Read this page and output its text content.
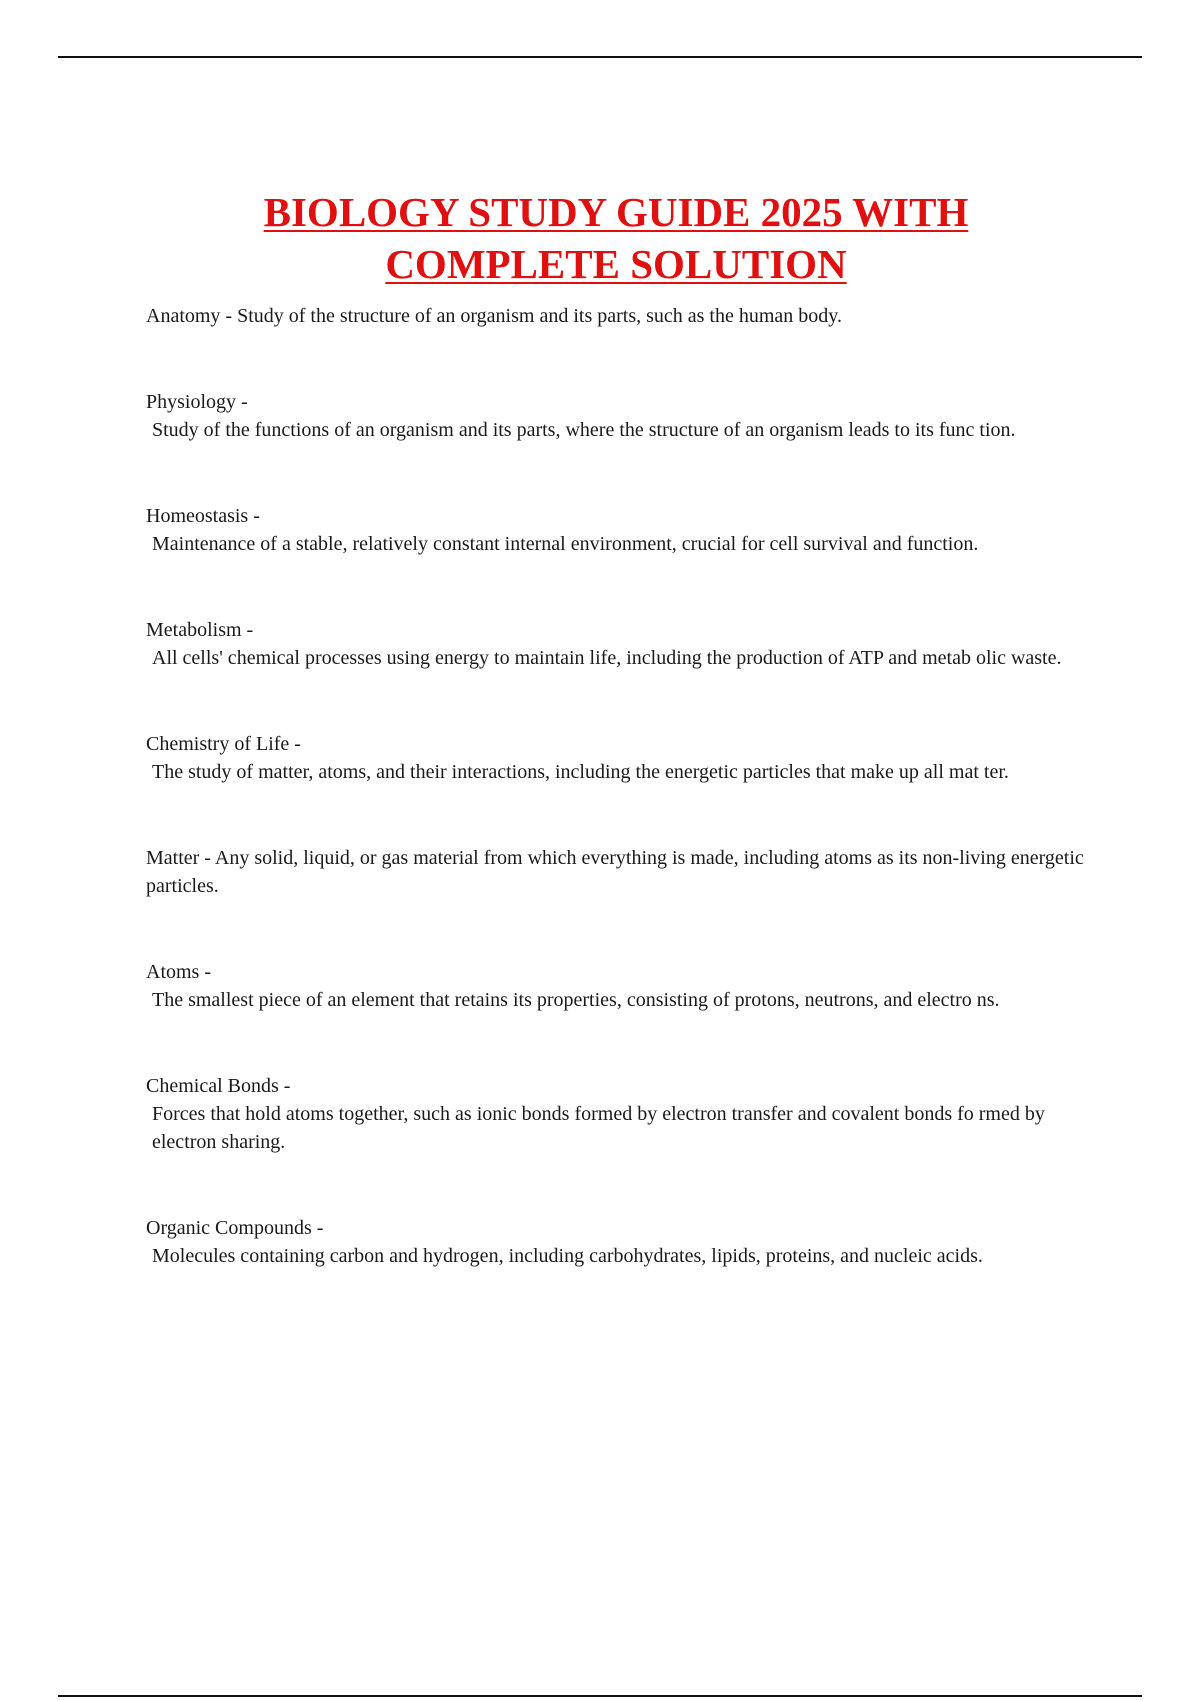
BIOLOGY STUDY GUIDE 2025 WITH COMPLETE SOLUTION
Anatomy - Study of the structure of an organism and its parts, such as the human body.
Physiology -
Study of the functions of an organism and its parts, where the structure of an organism leads to its func tion.
Homeostasis -
Maintenance of a stable, relatively constant internal environment, crucial for cell survival and function.
Metabolism -
All cells' chemical processes using energy to maintain life, including the production of ATP and metab olic waste.
Chemistry of Life -
The study of matter, atoms, and their interactions, including the energetic particles that make up all mat ter.
Matter - Any solid, liquid, or gas material from which everything is made, including atoms as its non-living energetic particles.
Atoms -
The smallest piece of an element that retains its properties, consisting of protons, neutrons, and electro ns.
Chemical Bonds -
Forces that hold atoms together, such as ionic bonds formed by electron transfer and covalent bonds fo rmed by electron sharing.
Organic Compounds -
Molecules containing carbon and hydrogen, including carbohydrates, lipids, proteins, and nucleic acids.
